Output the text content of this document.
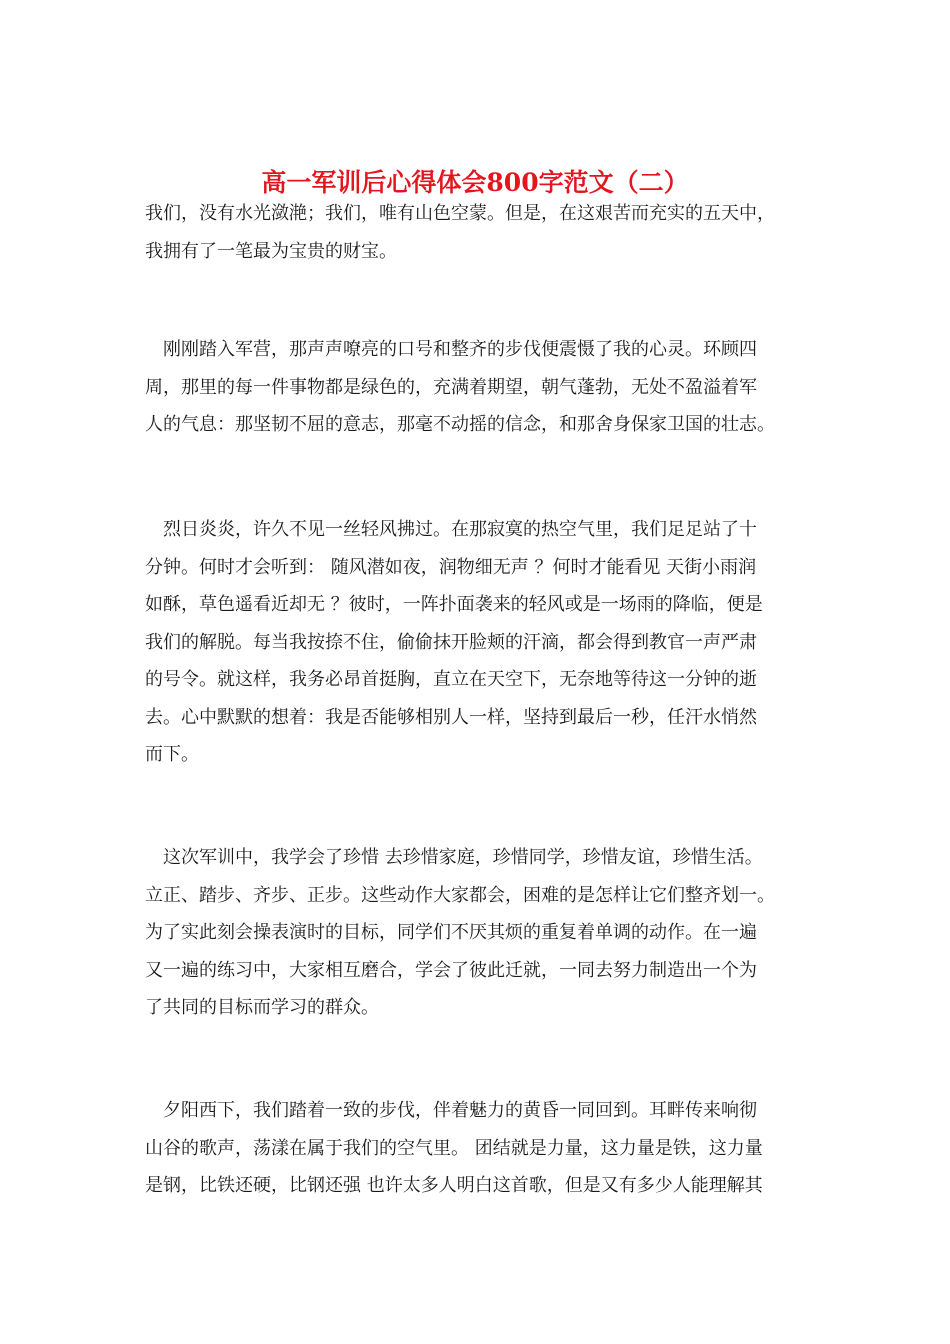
高一军训后心得体会800字范文（二）

我们，没有水光潋滟；我们，唯有山色空蒙。但是，在这艰苦而充实的五天中，
我拥有了一笔最为宝贵的财宝。

　刚刚踏入军营，那声声嘹亮的口号和整齐的步伐便震慑了我的心灵。环顾四
周，那里的每一件事物都是绿色的，充满着期望，朝气蓬勃，无处不盈溢着军
人的气息：那坚韧不屈的意志，那毫不动摇的信念，和那舍身保家卫国的壮志。

　烈日炎炎，许久不见一丝轻风拂过。在那寂寞的热空气里，我们足足站了十
分钟。何时才会听到： 随风潜如夜，润物细无声 ？何时才能看见 天街小雨润
如酥，草色遥看近却无 ？彼时，一阵扑面袭来的轻风或是一场雨的降临，便是
我们的解脱。每当我按捺不住，偷偷抹开脸颊的汗滴，都会得到教官一声严肃
的号令。就这样，我务必昂首挺胸，直立在天空下，无奈地等待这一分钟的逝
去。心中默默的想着：我是否能够相别人一样，坚持到最后一秒，任汗水悄然
而下。

　这次军训中，我学会了珍惜 去珍惜家庭，珍惜同学，珍惜友谊，珍惜生活。
立正、踏步、齐步、正步。这些动作大家都会，困难的是怎样让它们整齐划一。
为了实此刻会操表演时的目标，同学们不厌其烦的重复着单调的动作。在一遍
又一遍的练习中，大家相互磨合，学会了彼此迁就，一同去努力制造出一个为
了共同的目标而学习的群众。

　夕阳西下，我们踏着一致的步伐，伴着魅力的黄昏一同回到。耳畔传来响彻
山谷的歌声，荡漾在属于我们的空气里。 团结就是力量，这力量是铁，这力量
是钢，比铁还硬，比钢还强 也许太多人明白这首歌，但是又有多少人能理解其
